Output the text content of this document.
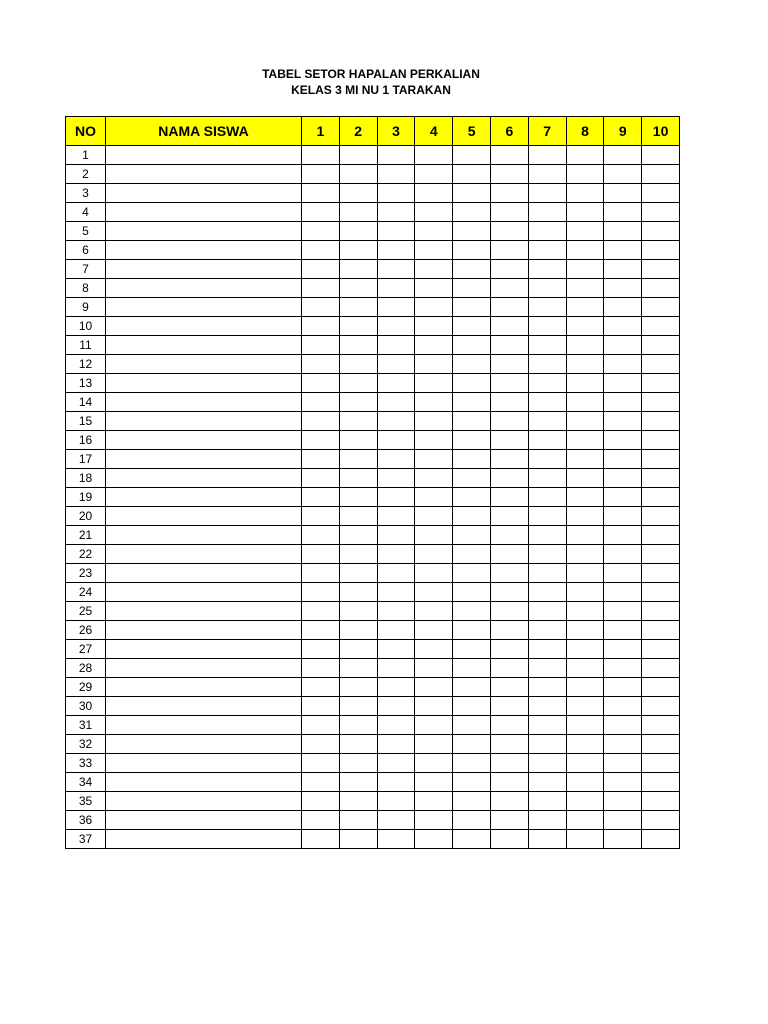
TABEL SETOR HAPALAN PERKALIAN
KELAS 3 MI NU 1 TARAKAN
NO	NAMA SISWA	1	2	3	4	5	6	7	8	9	10
1											
2											
3											
4											
5											
6											
7											
8											
9											
10											
11											
12											
13											
14											
15											
16											
17											
18											
19											
20											
21											
22											
23											
24											
25											
26											
27											
28											
29											
30											
31											
32											
33											
34											
35											
36											
37											
